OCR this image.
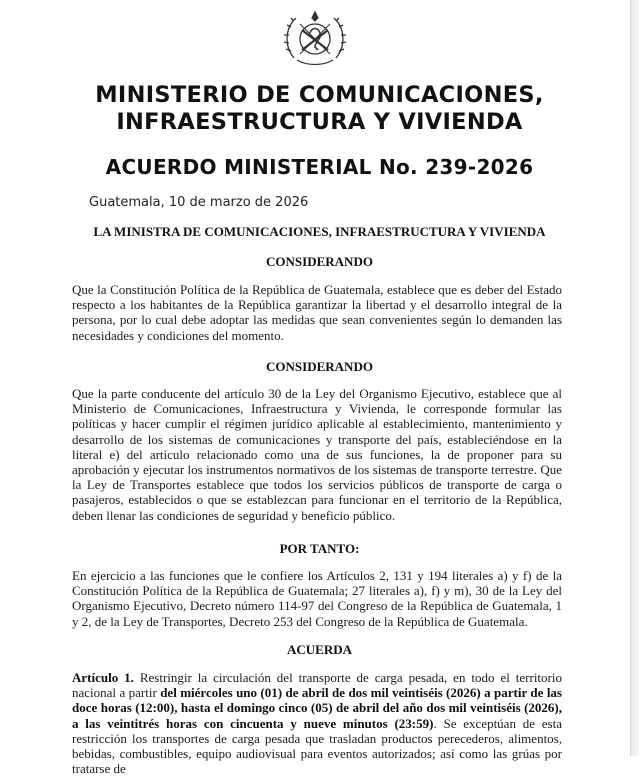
MINISTERIO DE COMUNICACIONES,
INFRAESTRUCTURA Y VIVIENDA
ACUERDO MINISTERIAL No. 239-2026
Guatemala, 10 de marzo de 2026
LA MINISTRA DE COMUNICACIONES, INFRAESTRUCTURA Y VIVIENDA
CONSIDERANDO
Que la Constitución Política de la República de Guatemala, establece que es deber del Estado respecto a los habitantes de la República garantizar la libertad y el desarrollo integral de la persona, por lo cual debe adoptar las medidas que sean convenientes según lo demanden las necesidades y condiciones del momento.
CONSIDERANDO
Que la parte conducente del artículo 30 de la Ley del Organismo Ejecutivo, establece que al Ministerio de Comunicaciones, Infraestructura y Vivienda, le corresponde formular las políticas y hacer cumplir el régimen jurídico aplicable al establecimiento, mantenimiento y desarrollo de los sistemas de comunicaciones y transporte del país, estableciéndose en la literal e) del artículo relacionado como una de sus funciones, la de proponer para su aprobación y ejecutar los instrumentos normativos de los sistemas de transporte terrestre. Que la Ley de Transportes establece que todos los servicios públicos de transporte de carga o pasajeros, establecidos o que se establezcan para funcionar en el territorio de la República, deben llenar las condiciones de seguridad y beneficio público.
POR TANTO:
En ejercicio a las funciones que le confiere los Artículos 2, 131 y 194 literales a) y f) de la Constitución Política de la República de Guatemala; 27 literales a), f) y m), 30 de la Ley del Organismo Ejecutivo, Decreto número 114-97 del Congreso de la República de Guatemala, 1 y 2, de la Ley de Transportes, Decreto 253 del Congreso de la República de Guatemala.
ACUERDA
Artículo 1. Restringir la circulación del transporte de carga pesada, en todo el territorio nacional a partir del miércoles uno (01) de abril de dos mil veintiséis (2026) a partir de las doce horas (12:00), hasta el domingo cinco (05) de abril del año dos mil veintiséis (2026), a las veintitrés horas con cincuenta y nueve minutos (23:59). Se exceptúan de esta restricción los transportes de carga pesada que trasladan productos perecederos, alimentos, bebidas, combustibles, equipo audiovisual para eventos autorizados; así como las grúas por tratarse de
